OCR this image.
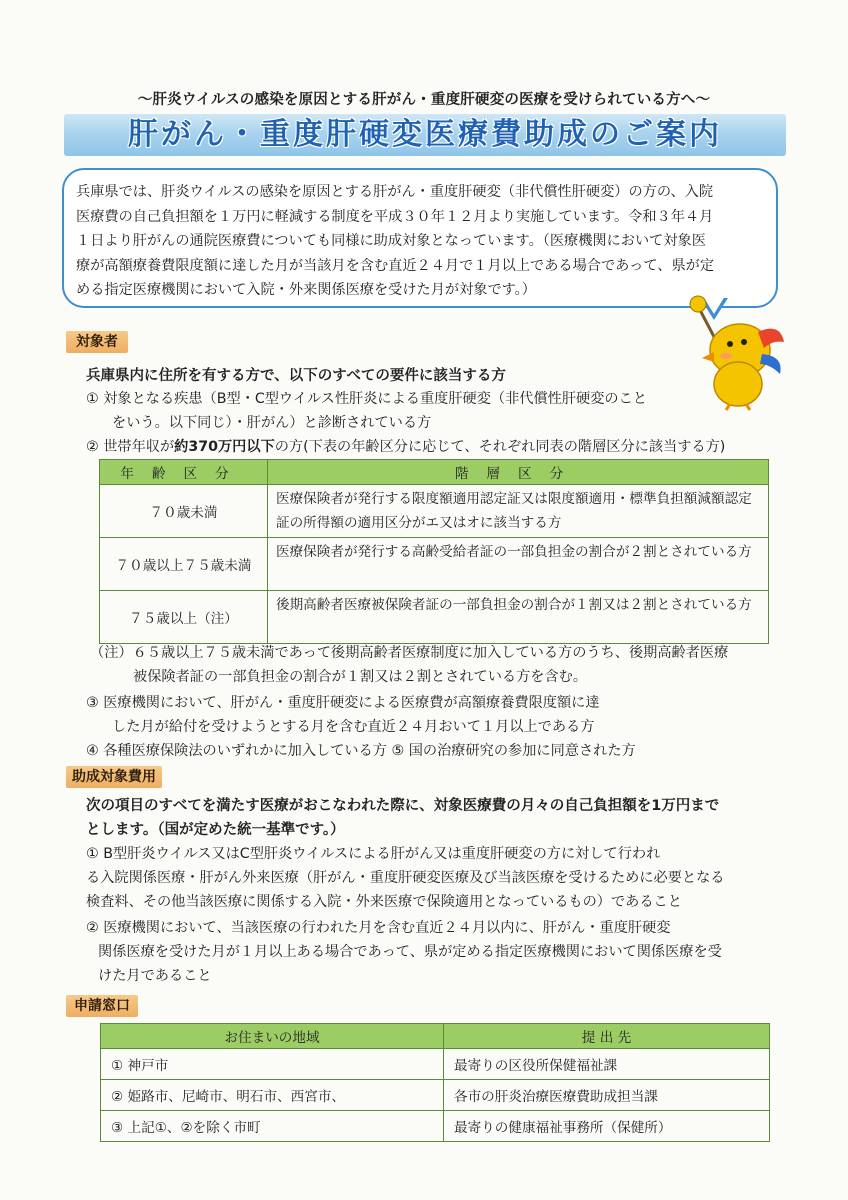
～肝炎ウイルスの感染を原因とする肝がん・重度肝硬変の医療を受けられている方へ～
肝がん・重度肝硬変医療費助成のご案内
兵庫県では、肝炎ウイルスの感染を原因とする肝がん・重度肝硬変（非代償性肝硬変）の方の、入院
医療費の自己負担額を１万円に軽減する制度を平成３０年１２月より実施しています。令和３年４月
１日より肝がんの通院医療費についても同様に助成対象となっています。（医療機関において対象医
療が高額療養費限度額に達した月が当該月を含む直近２４月で１月以上である場合であって、県が定
める指定医療機関において入院・外来関係医療を受けた月が対象です。）
対象者
兵庫県内に住所を有する方で、以下のすべての要件に該当する方
① 対象となる疾患（B型・C型ウイルス性肝炎による重度肝硬変（非代償性肝硬変のこと
をいう。以下同じ）・肝がん）と診断されている方
② 世帯年収が約370万円以下の方(下表の年齢区分に応じて、それぞれ同表の階層区分に該当する方)
年齢区分	階層区分
７０歳未満	医療保険者が発行する限度額適用認定証又は限度額適用・標準負担額減額認定証の所得額の適用区分がエ又はオに該当する方
７０歳以上７５歳未満	医療保険者が発行する高齢受給者証の一部負担金の割合が２割とされている方
７５歳以上（注）	後期高齢者医療被保険者証の一部負担金の割合が１割又は２割とされている方
（注）６５歳以上７５歳未満であって後期高齢者医療制度に加入している方のうち、後期高齢者医療
被保険者証の一部負担金の割合が１割又は２割とされている方を含む。
③ 医療機関において、肝がん・重度肝硬変による医療費が高額療養費限度額に達
した月が給付を受けようとする月を含む直近２４月おいて１月以上である方
④ 各種医療保険法のいずれかに加入している方 ⑤ 国の治療研究の参加に同意された方
助成対象費用
次の項目のすべてを満たす医療がおこなわれた際に、対象医療費の月々の自己負担額を1万円まで
とします。（国が定めた統一基準です。）
① B型肝炎ウイルス又はC型肝炎ウイルスによる肝がん又は重度肝硬変の方に対して行われ
る入院関係医療・肝がん外来医療（肝がん・重度肝硬変医療及び当該医療を受けるために必要となる
検査料、その他当該医療に関係する入院・外来医療で保険適用となっているもの）であること
② 医療機関において、当該医療の行われた月を含む直近２４月以内に、肝がん・重度肝硬変
関係医療を受けた月が１月以上ある場合であって、県が定める指定医療機関において関係医療を受
けた月であること
申請窓口
お住まいの地域	提 出 先
① 神戸市	最寄りの区役所保健福祉課
② 姫路市、尼崎市、明石市、西宮市、	各市の肝炎治療医療費助成担当課
③ 上記①、②を除く市町	最寄りの健康福祉事務所（保健所）
